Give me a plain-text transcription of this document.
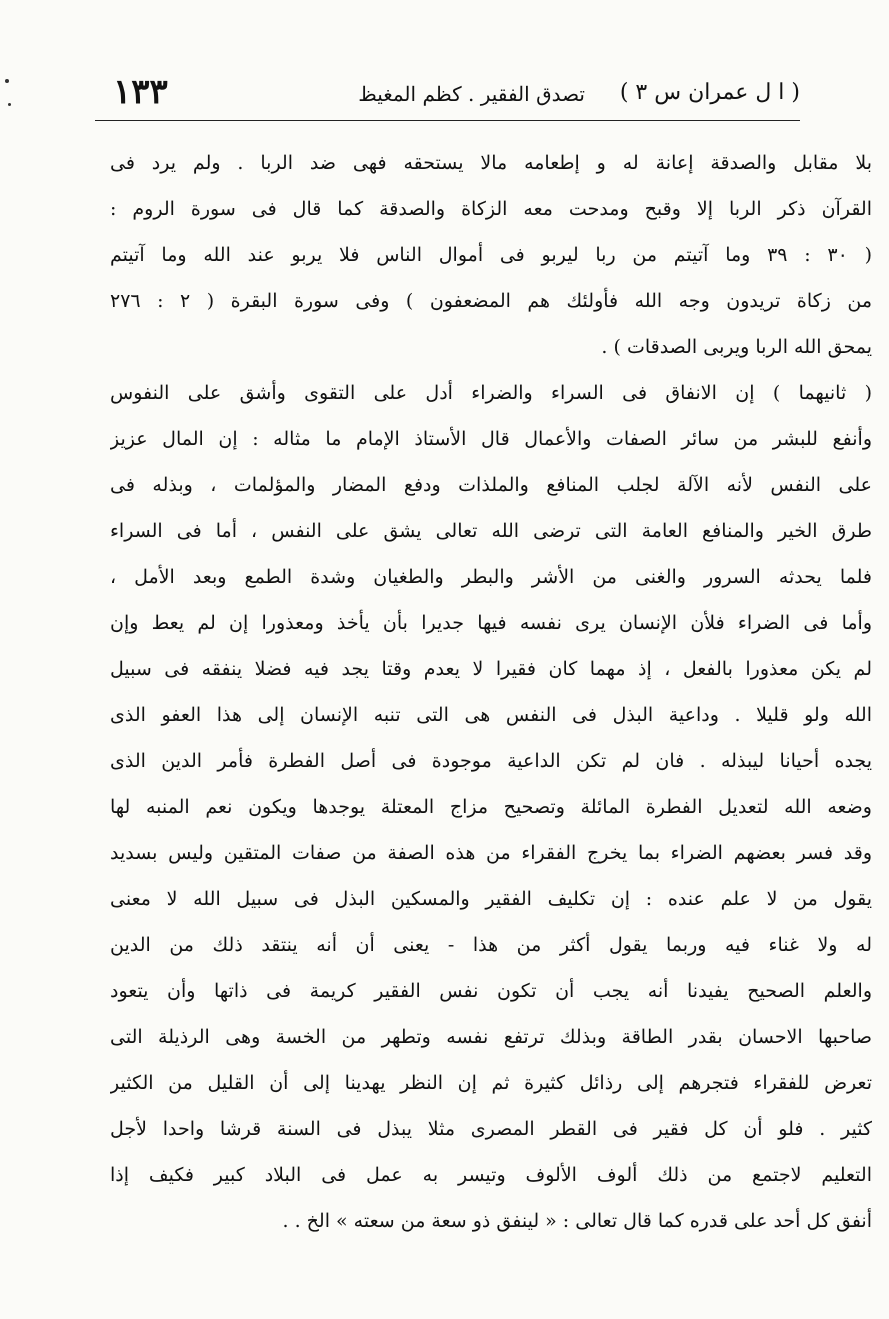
( ا ل عمران س ٣ )
تصدق الفقير . كظم المغيظ
١٣٣
بلا مقابل والصدقة إعانة له و إطعامه مالا يستحقه فهى ضد الربا . ولم يرد فى
القرآن ذكر الربا إلا وقبح ومدحت معه الزكاة والصدقة كما قال فى سورة الروم :
( ٣٠ : ٣٩ وما آتيتم من ربا ليربو فى أموال الناس فلا يربو عند الله وما آتيتم
من زكاة تريدون وجه الله فأولئك هم المضعفون ) وفى سورة البقرة ( ٢ : ٢٧٦
يمحق الله الربا ويربى الصدقات ) .
( ثانيهما ) إن الانفاق فى السراء والضراء أدل على التقوى وأشق على النفوس
وأنفع للبشر من سائر الصفات والأعمال قال الأستاذ الإمام ما مثاله : إن المال عزيز
على النفس لأنه الآلة لجلب المنافع والملذات ودفع المضار والمؤلمات ، وبذله فى
طرق الخير والمنافع العامة التى ترضى الله تعالى يشق على النفس ، أما فى السراء
فلما يحدثه السرور والغنى من الأشر والبطر والطغيان وشدة الطمع وبعد الأمل ،
وأما فى الضراء فلأن الإنسان يرى نفسه فيها جديرا بأن يأخذ ومعذورا إن لم يعط وإن
لم يكن معذورا بالفعل ، إذ مهما كان فقيرا لا يعدم وقتا يجد فيه فضلا ينفقه فى سبيل
الله ولو قليلا . وداعية البذل فى النفس هى التى تنبه الإنسان إلى هذا العفو الذى
يجده أحيانا ليبذله . فان لم تكن الداعية موجودة فى أصل الفطرة فأمر الدين الذى
وضعه الله لتعديل الفطرة المائلة وتصحيح مزاج المعتلة يوجدها ويكون نعم المنبه لها
وقد فسر بعضهم الضراء بما يخرج الفقراء من هذه الصفة من صفات المتقين وليس بسديد
يقول من لا علم عنده : إن تكليف الفقير والمسكين البذل فى سبيل الله لا معنى
له ولا غناء فيه وربما يقول أكثر من هذا - يعنى أن أنه ينتقد ذلك من الدين
والعلم الصحيح يفيدنا أنه يجب أن تكون نفس الفقير كريمة فى ذاتها وأن يتعود
صاحبها الاحسان بقدر الطاقة وبذلك ترتفع نفسه وتطهر من الخسة وهى الرذيلة التى
تعرض للفقراء فتجرهم إلى رذائل كثيرة ثم إن النظر يهدينا إلى أن القليل من الكثير
كثير . فلو أن كل فقير فى القطر المصرى مثلا يبذل فى السنة قرشا واحدا لأجل
التعليم لاجتمع من ذلك ألوف الألوف وتيسر به عمل فى البلاد كبير فكيف إذا
أنفق كل أحد على قدره كما قال تعالى : « لينفق ذو سعة من سعته » الخ . .
